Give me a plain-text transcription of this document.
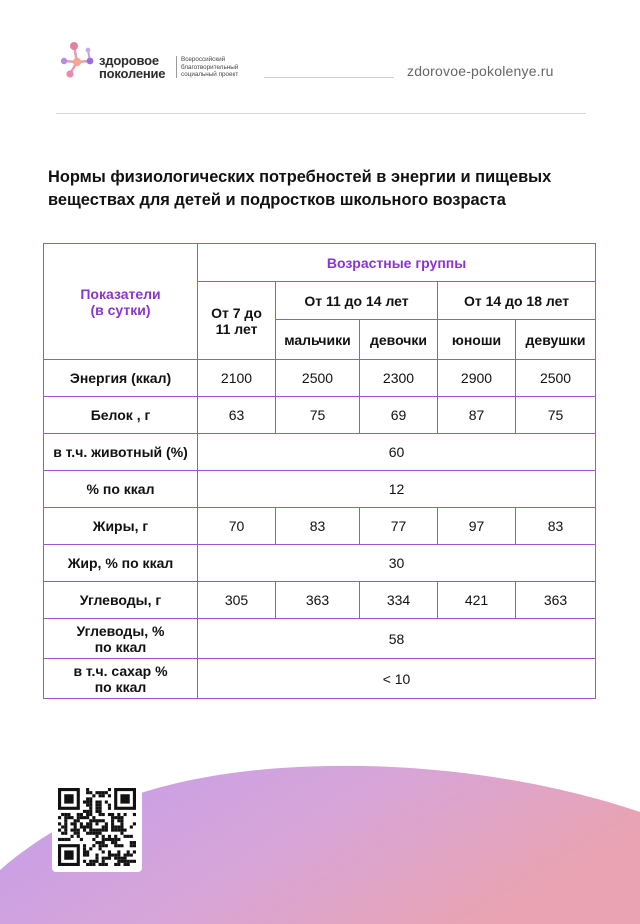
здоровое
поколение
Всероссийский
благотворительный
социальный проект	zdorovoe-pokolenye.ru
Нормы физиологических потребностей в энергии и пищевых
веществах для детей и подростков школьного возраста
Показатели
(в сутки)	Возрастные группы				

	От 7 до
11 лет	От 11 до 14 лет		От 14 до 18 лет	
		мальчики	девочки	юноши	девушки
Энергия (ккал)	2100	2500	2300	2900	2500
Белок , г	63	75	69	87	75
в т.ч. животный (%)	60				
% по ккал	12				
Жиры, г	70	83	77	97	83
Жир, % по ккал	30				
Углеводы, г	305	363	334	421	363

Углеводы, %
по ккал	58				

в т.ч. сахар %
по ккал	< 10				
